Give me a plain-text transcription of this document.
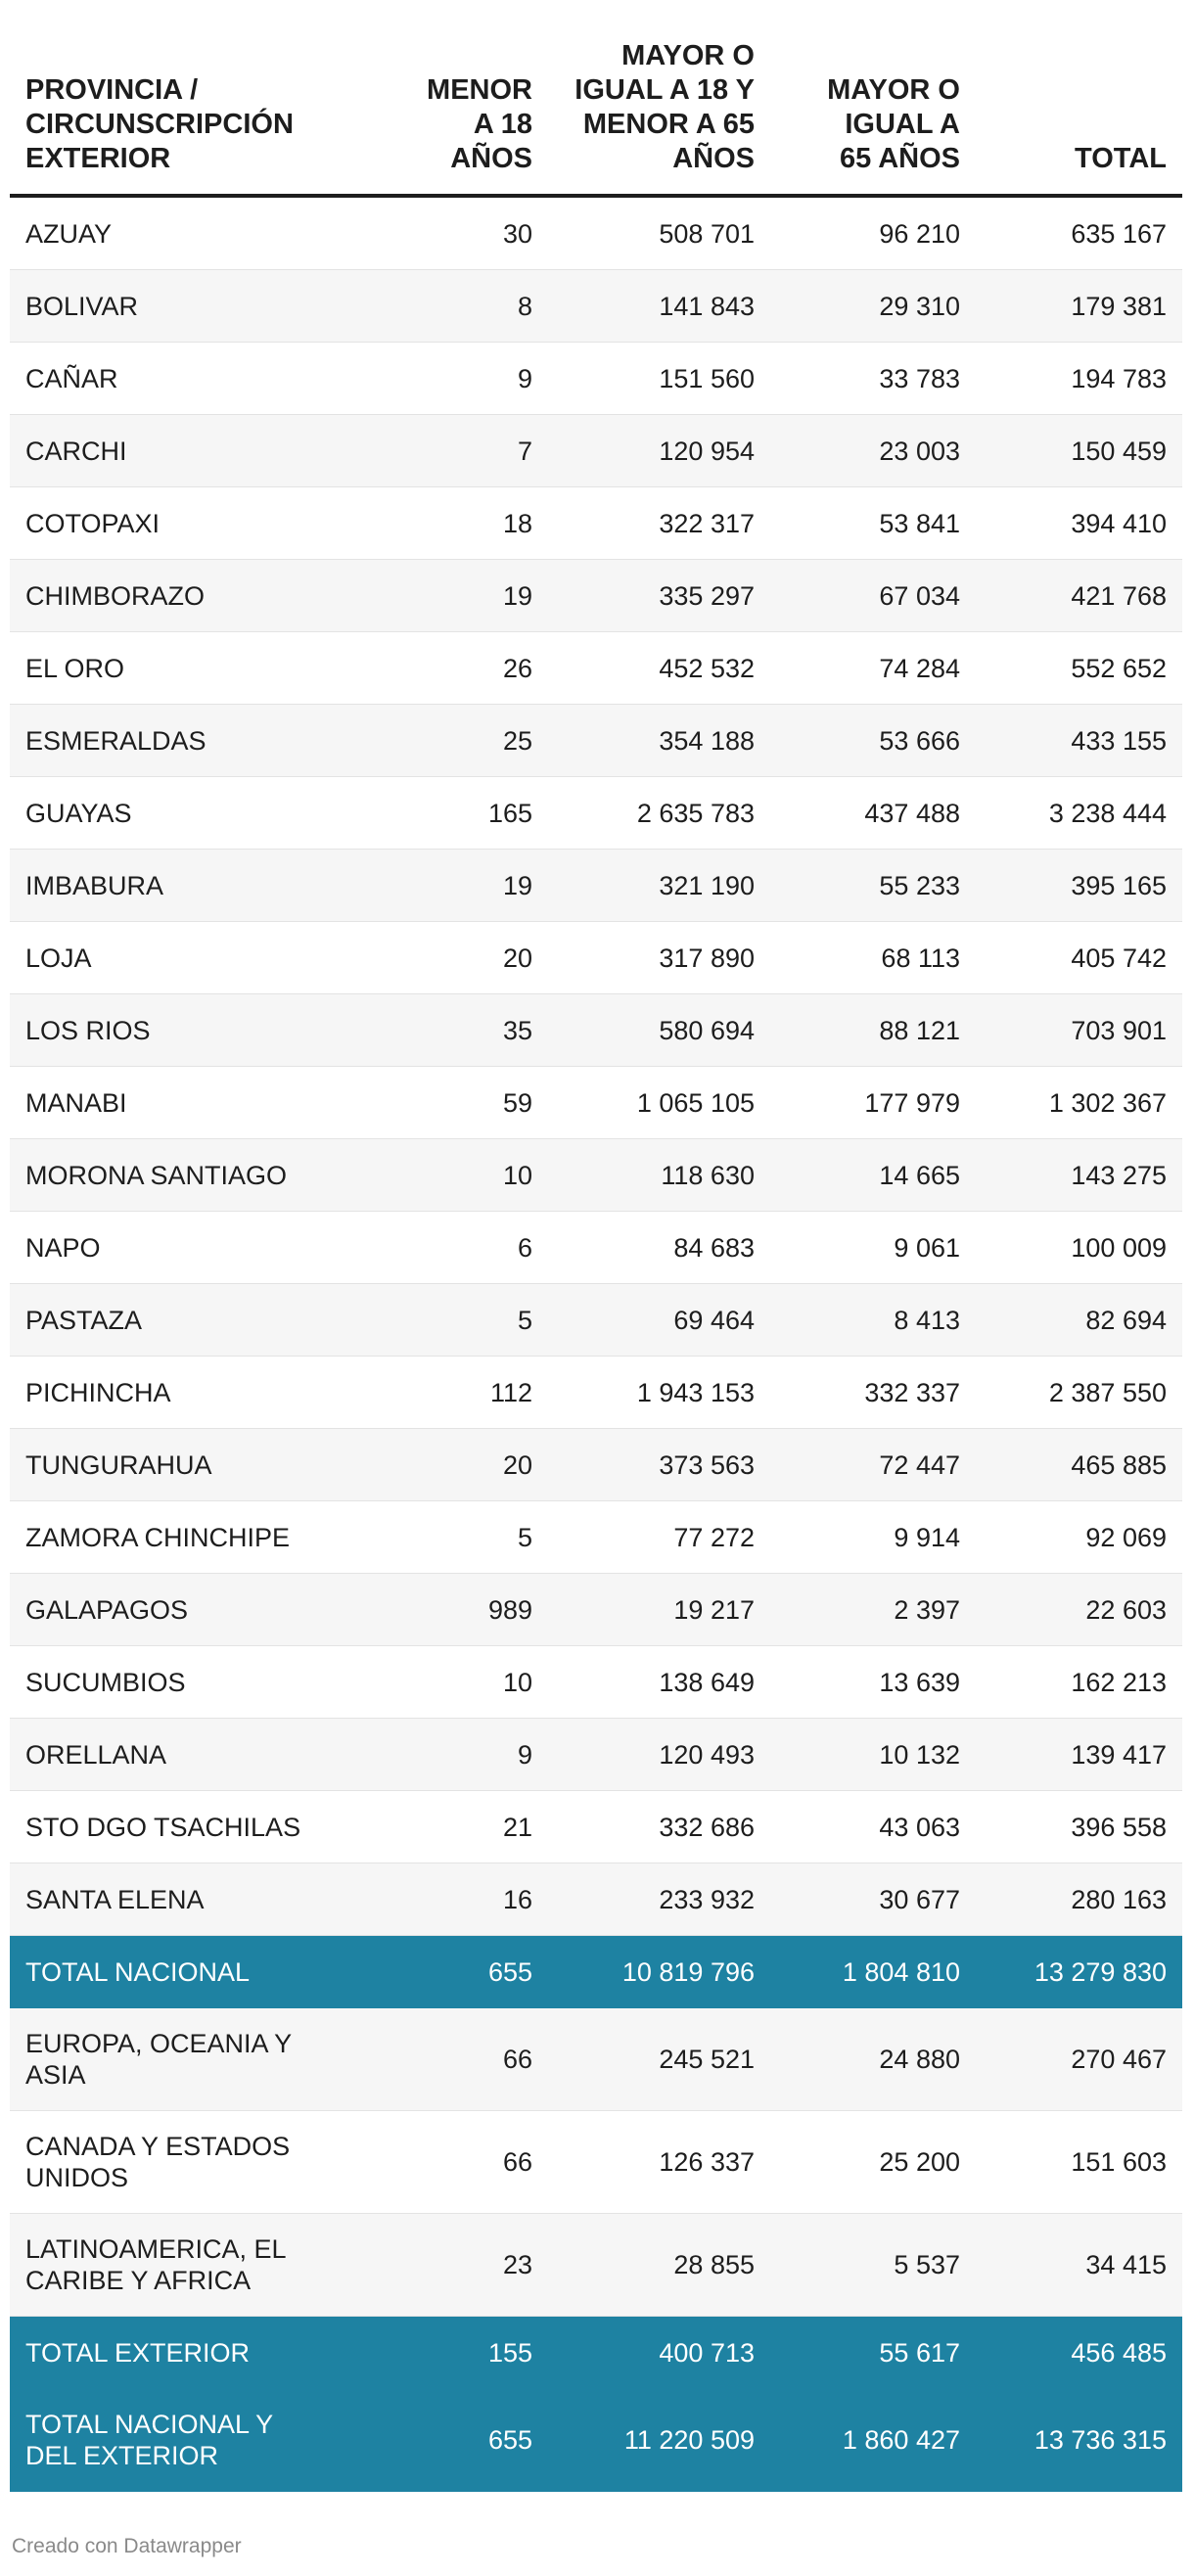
PROVINCIA / CIRCUNSCRIPCIÓN EXTERIOR	MENOR A 18 AÑOS	MAYOR O IGUAL A 18 Y MENOR A 65 AÑOS	MAYOR O IGUAL A 65 AÑOS	TOTAL

AZUAY	30	508 701	96 210	635 167

BOLIVAR	8	141 843	29 310	179 381

CAÑAR	9	151 560	33 783	194 783

CARCHI	7	120 954	23 003	150 459

COTOPAXI	18	322 317	53 841	394 410

CHIMBORAZO	19	335 297	67 034	421 768

EL ORO	26	452 532	74 284	552 652

ESMERALDAS	25	354 188	53 666	433 155

GUAYAS	165	2 635 783	437 488	3 238 444

IMBABURA	19	321 190	55 233	395 165

LOJA	20	317 890	68 113	405 742

LOS RIOS	35	580 694	88 121	703 901

MANABI	59	1 065 105	177 979	1 302 367

MORONA SANTIAGO	10	118 630	14 665	143 275

NAPO	6	84 683	9 061	100 009

PASTAZA	5	69 464	8 413	82 694

PICHINCHA	112	1 943 153	332 337	2 387 550

TUNGURAHUA	20	373 563	72 447	465 885

ZAMORA CHINCHIPE	5	77 272	9 914	92 069

GALAPAGOS	989	19 217	2 397	22 603

SUCUMBIOS	10	138 649	13 639	162 213

ORELLANA	9	120 493	10 132	139 417

STO DGO TSACHILAS	21	332 686	43 063	396 558

SANTA ELENA	16	233 932	30 677	280 163

TOTAL NACIONAL	655	10 819 796	1 804 810	13 279 830

EUROPA, OCEANIA Y ASIA	66	245 521	24 880	270 467

CANADA Y ESTADOS UNIDOS	66	126 337	25 200	151 603

LATINOAMERICA, EL CARIBE Y AFRICA	23	28 855	5 537	34 415

TOTAL EXTERIOR	155	400 713	55 617	456 485

TOTAL NACIONAL Y DEL EXTERIOR	655	11 220 509	1 860 427	13 736 315
Creado con Datawrapper
